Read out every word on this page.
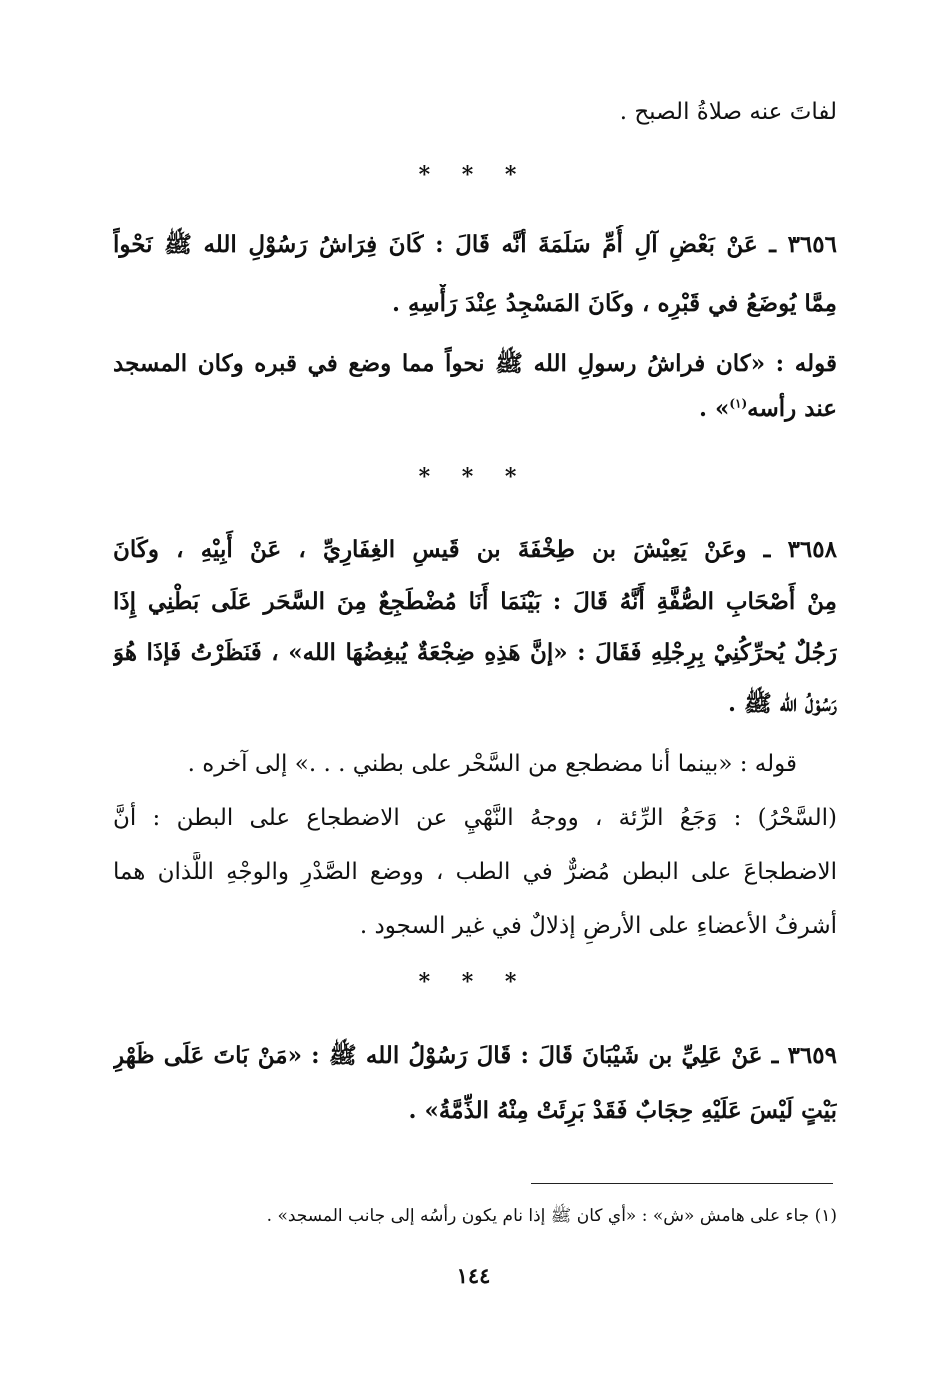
لفاتَ عنه صلاةُ الصبح .
* * *
٣٦٥٦ ـ عَنْ بَعْضِ آلِ أُمِّ سَلَمَةَ أنَّه قَالَ : كَانَ فِرَاشُ رَسُوْلِ الله ﷺ نَحْواً
مِمَّا يُوضَعُ في قَبْرِه ، وكَانَ المَسْجِدُ عِنْدَ رَأْسِهِ .
قوله : «كان فراشُ رسولِ الله ﷺ نحواً مما وضع في قبره وكان المسجد
عند رأسه$^{(١)}$» .
* * *
٣٦٥٨ ـ وعَنْ يَعِيْشَ بن طِخْفَةَ بن قَيسِ الغِفَارِيِّ ، عَنْ أَبِيْهِ ، وكَانَ
مِنْ أَصْحَابِ الصُّفَّةِ أَنَّهُ قَالَ : بَيْنَمَا أَنَا مُضْطَجِعٌ مِنَ السَّحَر عَلَى بَطْنِي إِذَا
رَجُلٌ يُحرِّكُنِيْ بِرِجْلِهِ فَقَالَ : «إنَّ هَذِهِ ضِجْعَةٌ يُبغِضُهَا الله» ، فَنَظَرْتُ فَإذَا هُوَ
رَسُوْلُ الله ﷺ .
قوله : «بينما أنا مضطجع من السَّحْر على بطني . . .» إلى آخره .
(السَّحْرُ) : وَجَعُ الرِّئة ، ووجهُ النَّهْيِ عن الاضطجاع على البطن : أنَّ
الاضطجاعَ على البطن مُضرٌّ في الطب ، ووضع الصَّدْرِ والوجْهِ اللَّذان هما
أشرفُ الأعضاءِ على الأرضِ إذلالٌ في غير السجود .
* * *
٣٦٥٩ ـ عَنْ عَلِيِّ بن شَيْبَانَ قَالَ : قَالَ رَسُوْلُ الله ﷺ : «مَنْ بَاتَ عَلَى ظَهْرِ
بَيْتٍ لَيْسَ عَلَيْهِ حِجَابٌ فَقَدْ بَرِئَتْ مِنْهُ الذِّمَّةُ» .
(١) جاء على هامش «ش» : «أي كان ﷺ إذا نام يكون رأسُه إلى جانب المسجد» .
١٤٤
